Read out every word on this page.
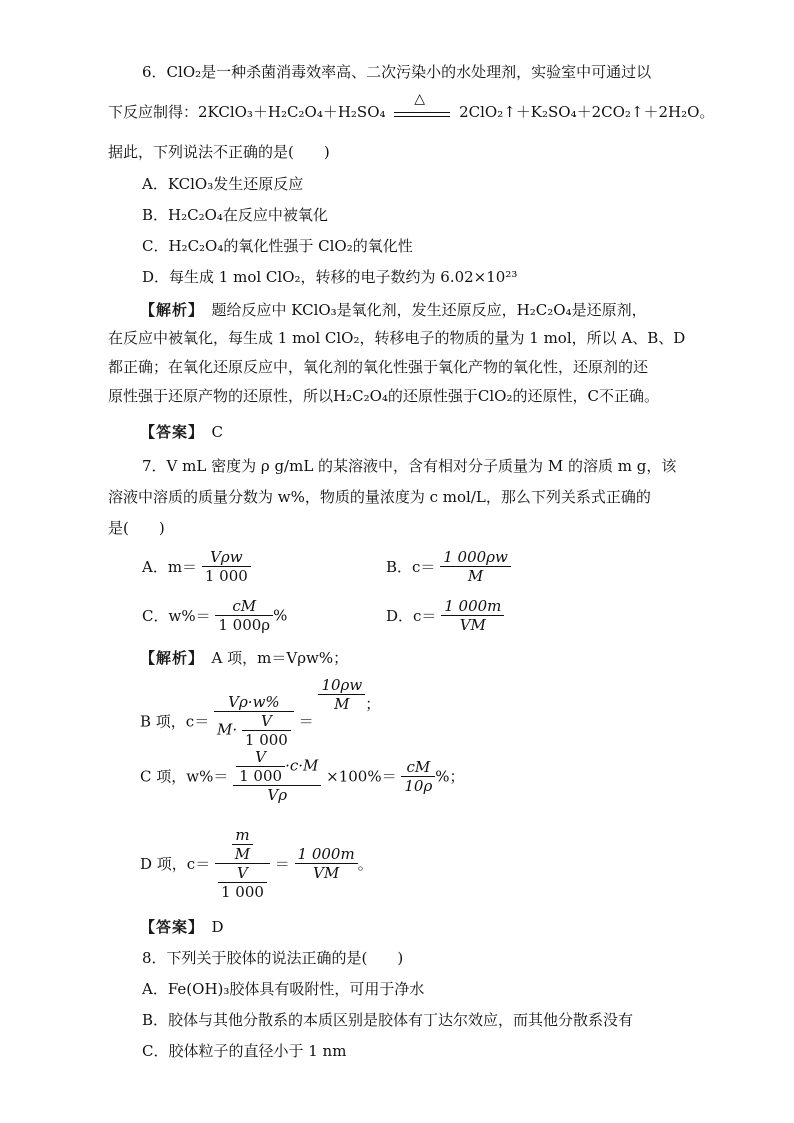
6．ClO₂是一种杀菌消毒效率高、二次污染小的水处理剂，实验室中可通过以
下反应制得：2KClO₃＋H₂C₂O₄＋H₂SO₄
△
2ClO₂↑＋K₂SO₄＋2CO₂↑＋2H₂O。
据此，下列说法不正确的是(　　)
A．KClO₃发生还原反应
B．H₂C₂O₄在反应中被氧化
C．H₂C₂O₄的氧化性强于 ClO₂的氧化性
D．每生成 1 mol ClO₂，转移的电子数约为 6.02×10²³
【解析】　题给反应中 KClO₃是氧化剂，发生还原反应，H₂C₂O₄是还原剂，
在反应中被氧化，每生成 1 mol ClO₂，转移电子的物质的量为 1 mol，所以 A、B、D
都正确；在氧化还原反应中，氧化剂的氧化性强于氧化产物的氧化性，还原剂的还
原性强于还原产物的还原性，所以H₂C₂O₄的还原性强于ClO₂的还原性，C不正确。
【答案】　 C
7．V mL 密度为 ρ g/mL 的某溶液中，含有相对分子质量为 M 的溶质 m g，该
溶液中溶质的质量分数为 w%，物质的量浓度为 c mol/L，那么下列关系式正确的
是(　　)
A．$m= \frac{\text{Vρw}}{1 000}$	B．$c= \frac{1 000\rho w}{M}$
C．$w\%= \frac{cM}{1 000\rho}$ %	D．$c= \frac{1 000m}{VM}$
【解析】　 A 项，m＝Vρw%；
B 项，$c= \frac{V\rho\cdot w\%}{M\cdot \frac{V}{1 000}}$ ＝
$\frac{10\rho w}{M}$ ；
C 项，$w\%= \frac{\frac{V}{1 000} \cdot c\cdot M}{V\rho} \times 100\%= \frac{cM}{10\rho}$ %；
D 项，$c= \frac{\frac{m}{M}}{\frac{V}{1 000}} = \frac{1 000m}{VM}$ 。
【答案】　 D
8．下列关于胶体的说法正确的是(　　)
A．Fe(OH)₃胶体具有吸附性，可用于净水
B．胶体与其他分散系的本质区别是胶体有丁达尔效应，而其他分散系没有
C．胶体粒子的直径小于 1 nm
